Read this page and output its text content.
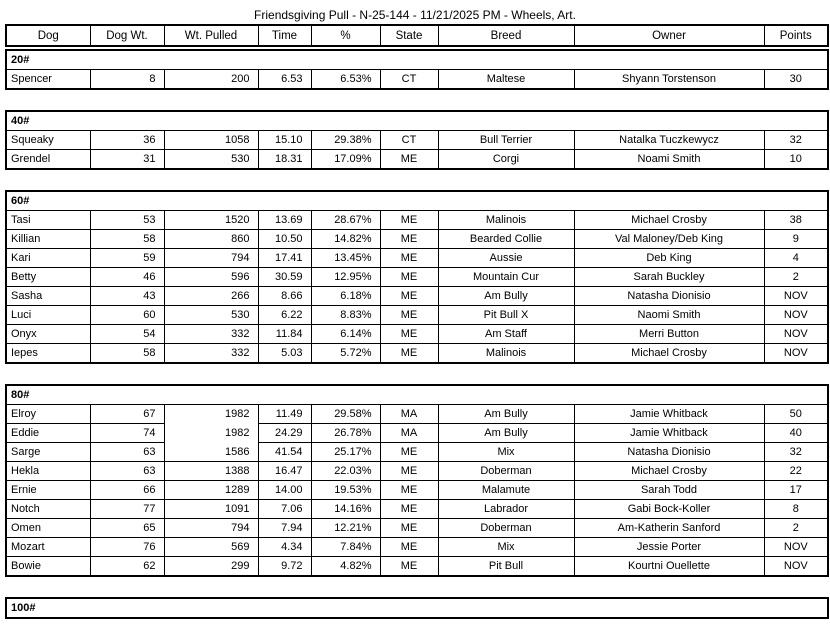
Friendsgiving Pull - N-25-144 - 11/21/2025 PM - Wheels, Art.
Dog	Dog Wt.	Wt. Pulled	Time	%	State	Breed	Owner	Points
20#
Spencer	8	200	6.53	6.53%	CT	Maltese	Shyann Torstenson	30
40#								
Squeaky	36	1058	15.10	29.38%	CT	Bull Terrier	Natalka Tuczkewycz	32
Grendel	31	530	18.31	17.09%	ME	Corgi	Noami Smith	10
60#								
Tasi	53	1520	13.69	28.67%	ME	Malinois	Michael Crosby	38
Killian	58	860	10.50	14.82%	ME	Bearded Collie	Val Maloney/Deb King	9
Kari	59	794	17.41	13.45%	ME	Aussie	Deb King	4
Betty	46	596	30.59	12.95%	ME	Mountain Cur	Sarah Buckley	2
Sasha	43	266	8.66	6.18%	ME	Am Bully	Natasha Dionisio	NOV
Luci	60	530	6.22	8.83%	ME	Pit Bull X	Naomi Smith	NOV
Onyx	54	332	11.84	6.14%	ME	Am Staff	Merri Button	NOV
Iepes	58	332	5.03	5.72%	ME	Malinois	Michael Crosby	NOV
80#								
Elroy	67	1982	11.49	29.58%	MA	Am Bully	Jamie Whitback	50
Eddie	74	1982	24.29	26.78%	MA	Am Bully	Jamie Whitback	40
Sarge	63	1586	41.54	25.17%	ME	Mix	Natasha Dionisio	32
Hekla	63	1388	16.47	22.03%	ME	Doberman	Michael Crosby	22
Ernie	66	1289	14.00	19.53%	ME	Malamute	Sarah Todd	17
Notch	77	1091	7.06	14.16%	ME	Labrador	Gabi Bock-Koller	8
Omen	65	794	7.94	12.21%	ME	Doberman	Am-Katherin Sanford	2
Mozart	76	569	4.34	7.84%	ME	Mix	Jessie Porter	NOV
Bowie	62	299	9.72	4.82%	ME	Pit Bull	Kourtni Ouellette	NOV
100#
